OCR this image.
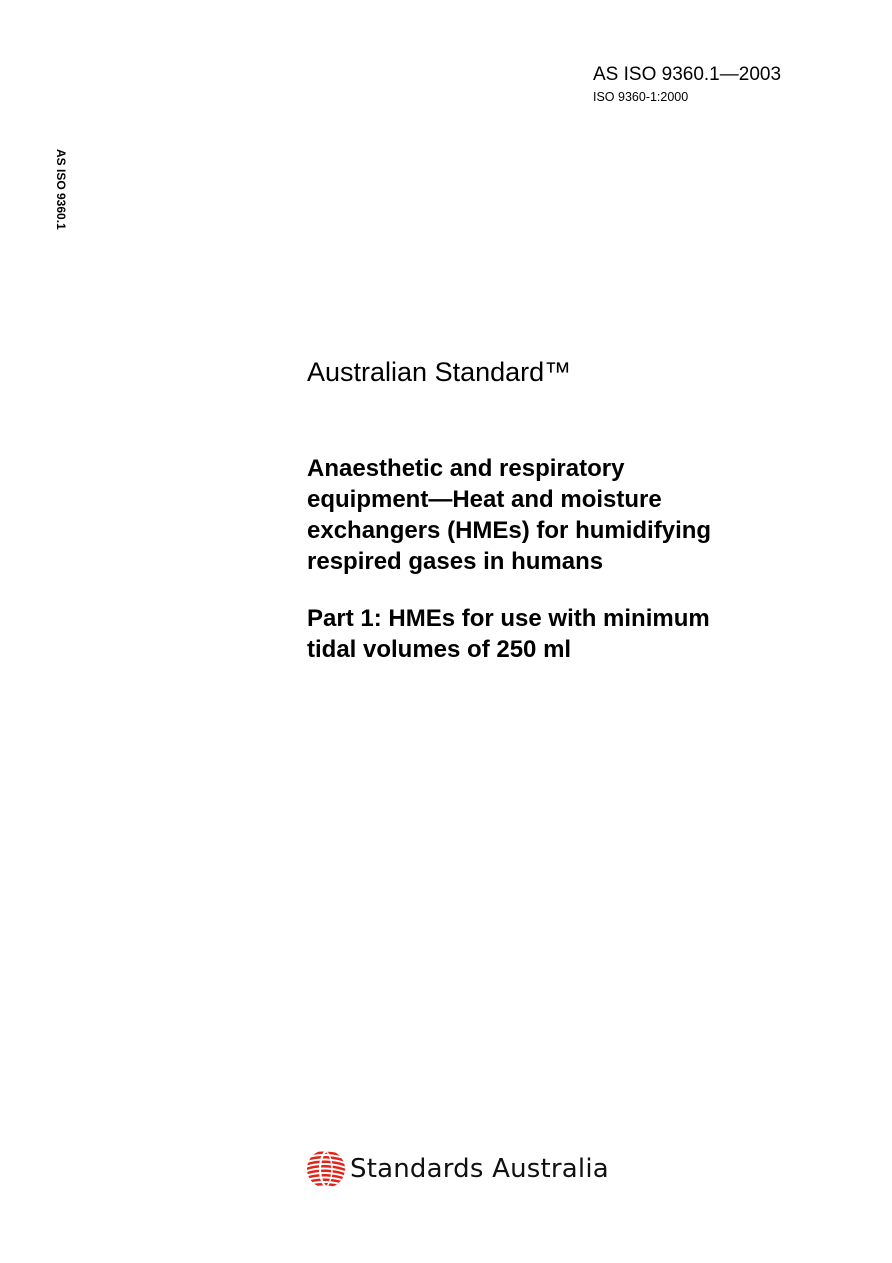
AS ISO 9360.1—2003
ISO 9360-1:2000
AS ISO 9360.1
Australian Standard™
Anaesthetic and respiratory
equipment—Heat and moisture
exchangers (HMEs) for humidifying
respired gases in humans
Part 1: HMEs for use with minimum
tidal volumes of 250 ml
Standards Australia
